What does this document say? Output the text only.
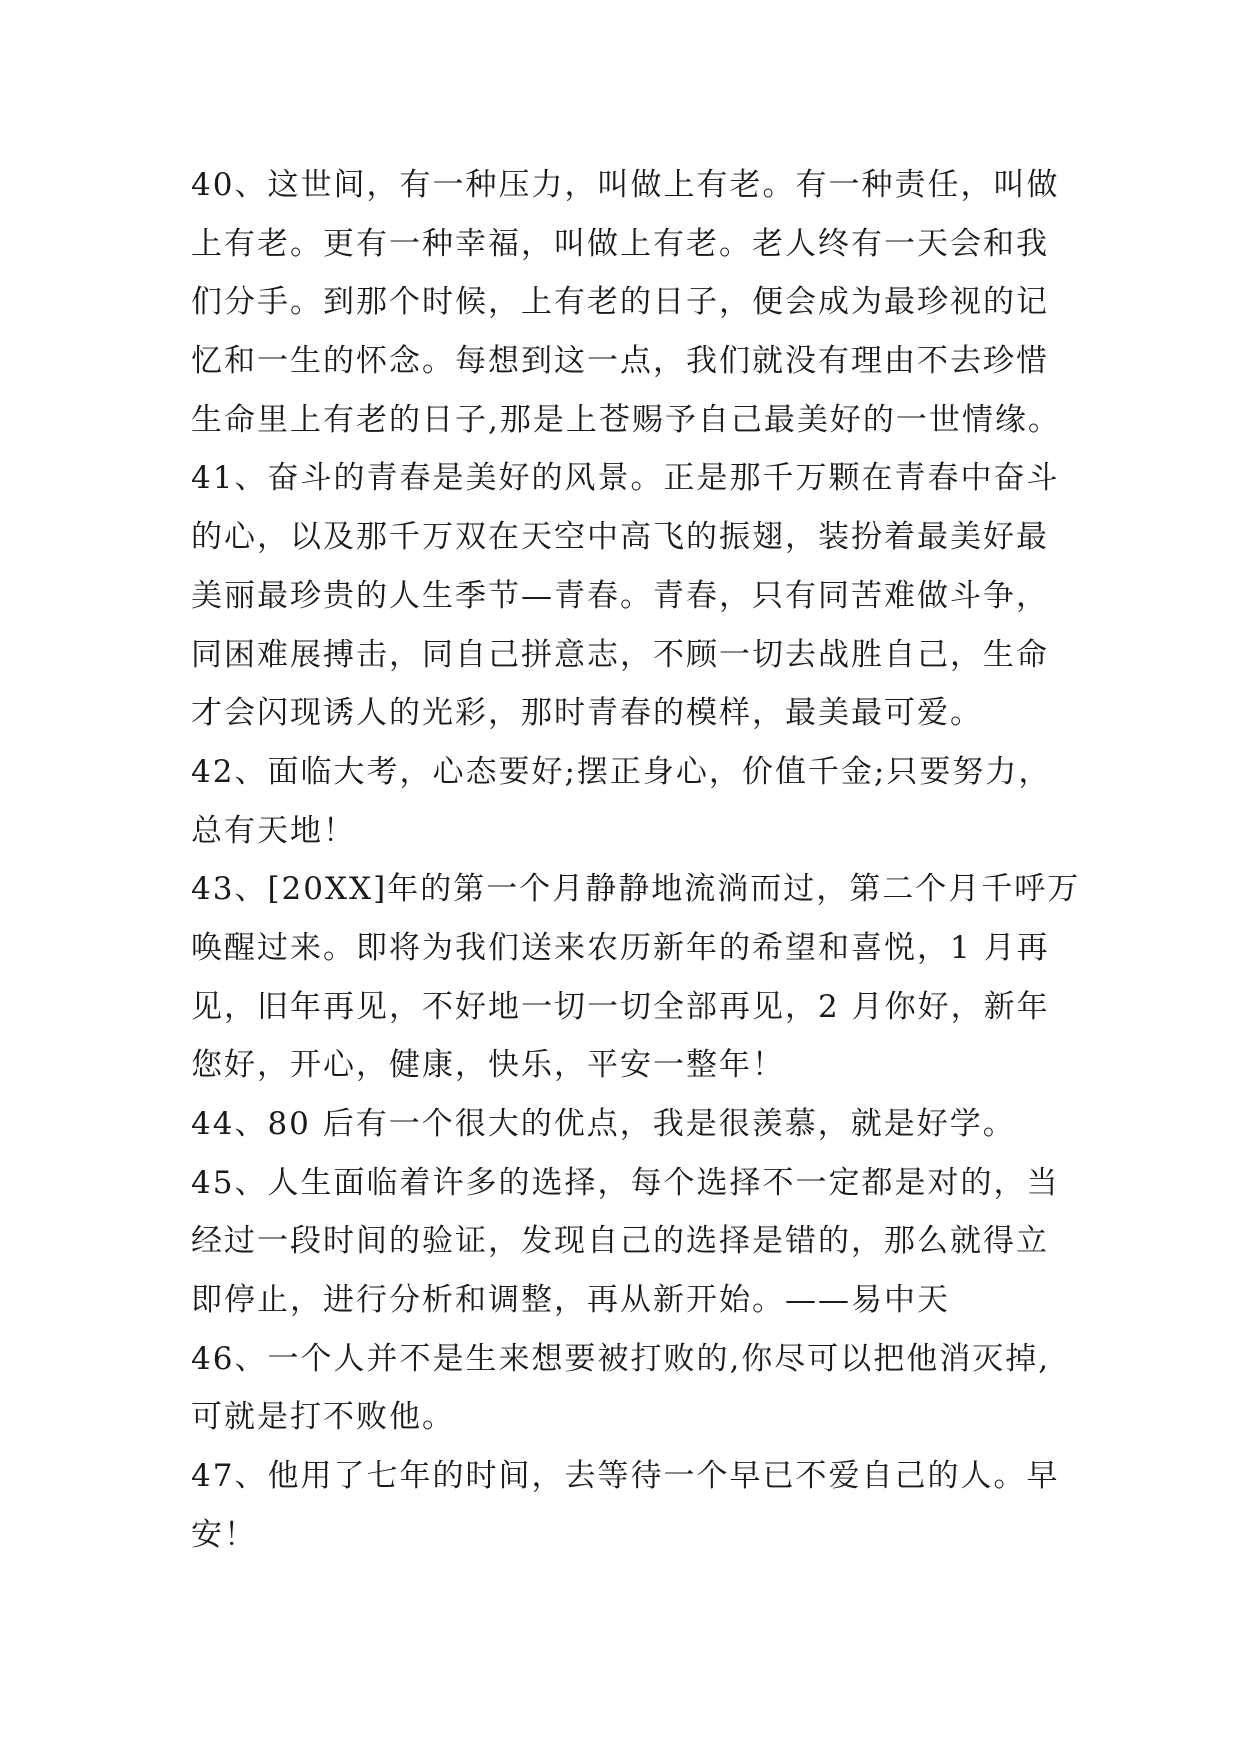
40、这世间，有一种压力，叫做上有老。有一种责任，叫做
上有老。更有一种幸福，叫做上有老。老人终有一天会和我
们分手。到那个时候，上有老的日子，便会成为最珍视的记
忆和一生的怀念。每想到这一点，我们就没有理由不去珍惜
生命里上有老的日子,那是上苍赐予自己最美好的一世情缘。
41、奋斗的青春是美好的风景。正是那千万颗在青春中奋斗
的心，以及那千万双在天空中高飞的振翅，装扮着最美好最
美丽最珍贵的人生季节—青春。青春，只有同苦难做斗争，
同困难展搏击，同自己拼意志，不顾一切去战胜自己，生命
才会闪现诱人的光彩，那时青春的模样，最美最可爱。
42、面临大考，心态要好;摆正身心，价值千金;只要努力，
总有天地！
43、[20XX]年的第一个月静静地流淌而过，第二个月千呼万
唤醒过来。即将为我们送来农历新年的希望和喜悦，1 月再
见，旧年再见，不好地一切一切全部再见，2 月你好，新年
您好，开心，健康，快乐，平安一整年！
44、80 后有一个很大的优点，我是很羡慕，就是好学。
45、人生面临着许多的选择，每个选择不一定都是对的，当
经过一段时间的验证，发现自己的选择是错的，那么就得立
即停止，进行分析和调整，再从新开始。——易中天
46、一个人并不是生来想要被打败的,你尽可以把他消灭掉,
可就是打不败他。
47、他用了七年的时间，去等待一个早已不爱自己的人。早
安！
